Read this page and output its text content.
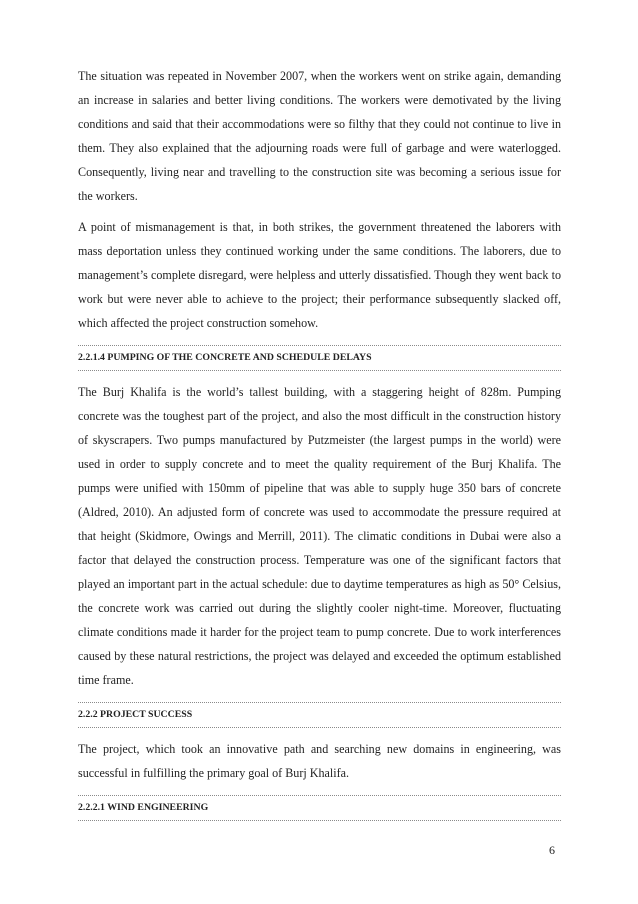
The situation was repeated in November 2007, when the workers went on strike again, demanding an increase in salaries and better living conditions. The workers were demotivated by the living conditions and said that their accommodations were so filthy that they could not continue to live in them. They also explained that the adjourning roads were full of garbage and were waterlogged. Consequently, living near and travelling to the construction site was becoming a serious issue for the workers.

A point of mismanagement is that, in both strikes, the government threatened the laborers with mass deportation unless they continued working under the same conditions. The laborers, due to management’s complete disregard, were helpless and utterly dissatisfied. Though they went back to work but were never able to achieve to the project; their performance subsequently slacked off, which affected the project construction somehow.

2.2.1.4 PUMPING OF THE CONCRETE AND SCHEDULE DELAYS

The Burj Khalifa is the world’s tallest building, with a staggering height of 828m. Pumping concrete was the toughest part of the project, and also the most difficult in the construction history of skyscrapers. Two pumps manufactured by Putzmeister (the largest pumps in the world) were used in order to supply concrete and to meet the quality requirement of the Burj Khalifa. The pumps were unified with 150mm of pipeline that was able to supply huge 350 bars of concrete (Aldred, 2010). An adjusted form of concrete was used to accommodate the pressure required at that height (Skidmore, Owings and Merrill, 2011). The climatic conditions in Dubai were also a factor that delayed the construction process. Temperature was one of the significant factors that played an important part in the actual schedule: due to daytime temperatures as high as 50° Celsius, the concrete work was carried out during the slightly cooler night-time. Moreover, fluctuating climate conditions made it harder for the project team to pump concrete. Due to work interferences caused by these natural restrictions, the project was delayed and exceeded the optimum established time frame.

2.2.2 PROJECT SUCCESS

The project, which took an innovative path and searching new domains in engineering, was successful in fulfilling the primary goal of Burj Khalifa.

2.2.2.1 WIND ENGINEERING
6
